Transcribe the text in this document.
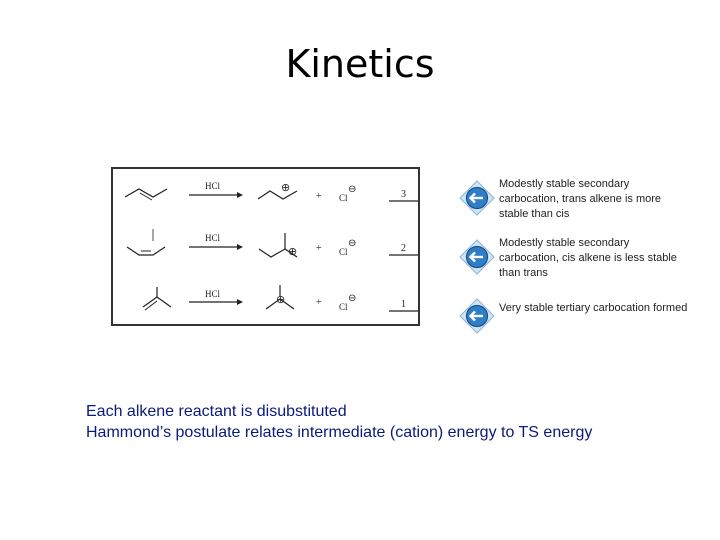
Kinetics
HCl	⊕
+ Cl
⊖	3
HCl
⊕ + Cl
⊖	2
HCl	⊕	+ Cl
⊖
1
Modestly stable secondary carbocation, trans alkene is more stable than cis
Modestly stable secondary carbocation, cis alkene is less stable than trans
Very stable tertiary carbocation formed
Each alkene reactant is disubstituted
Hammond’s postulate relates intermediate (cation) energy to TS energy
